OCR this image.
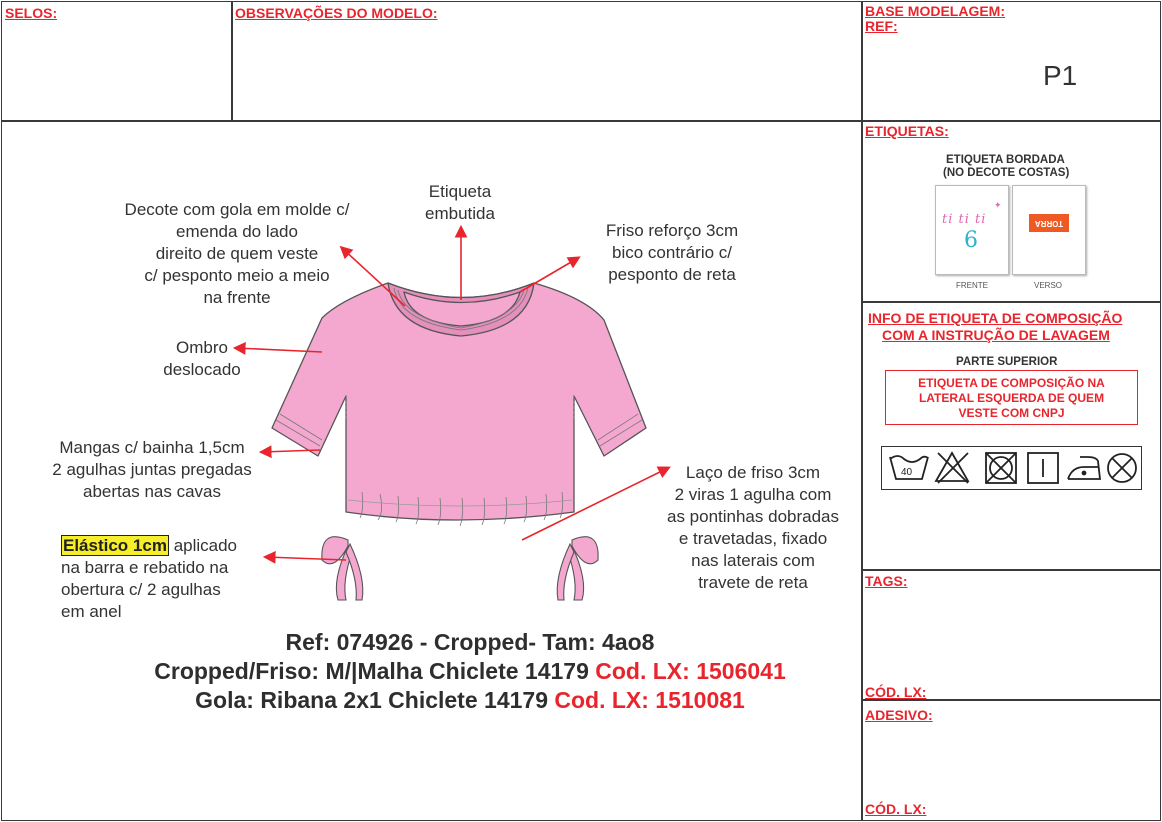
SELOS:	OBSERVAÇÕES DO MODELO:	BASE MODELAGEM:
REF:
P1
ETIQUETAS:
ETIQUETA BORDADA
(NO DECOTE COSTAS)
ti ti ti
6
✦
TORRA
FRENTE	VERSO
INFO DE ETIQUETA DE COMPOSIÇÃO
COM A INSTRUÇÃO DE LAVAGEM
PARTE SUPERIOR
ETIQUETA DE COMPOSIÇÃO NA
LATERAL ESQUERDA DE QUEM
VESTE COM CNPJ
40
TAGS:
CÓD. LX:
ADESIVO:
CÓD. LX:
Decote com gola em molde c/
emenda do lado
direito de quem veste
c/ pesponto meio a meio
na frente
Etiqueta
embutida
Friso reforço 3cm
bico contrário c/
pesponto de reta
Ombro
deslocado
Mangas c/ bainha 1,5cm
2 agulhas juntas pregadas
abertas nas cavas
Laço de friso 3cm
2 viras 1 agulha com
as pontinhas dobradas
e travetadas, fixado
nas laterais com
travete de reta
Elástico 1cm aplicado
na barra e rebatido na
obertura c/ 2 agulhas
em anel
Ref: 074926 - Cropped- Tam: 4ao8
Cropped/Friso: M/|Malha Chiclete 14179 Cod. LX: 1506041
Gola: Ribana 2x1 Chiclete 14179 Cod. LX: 1510081
